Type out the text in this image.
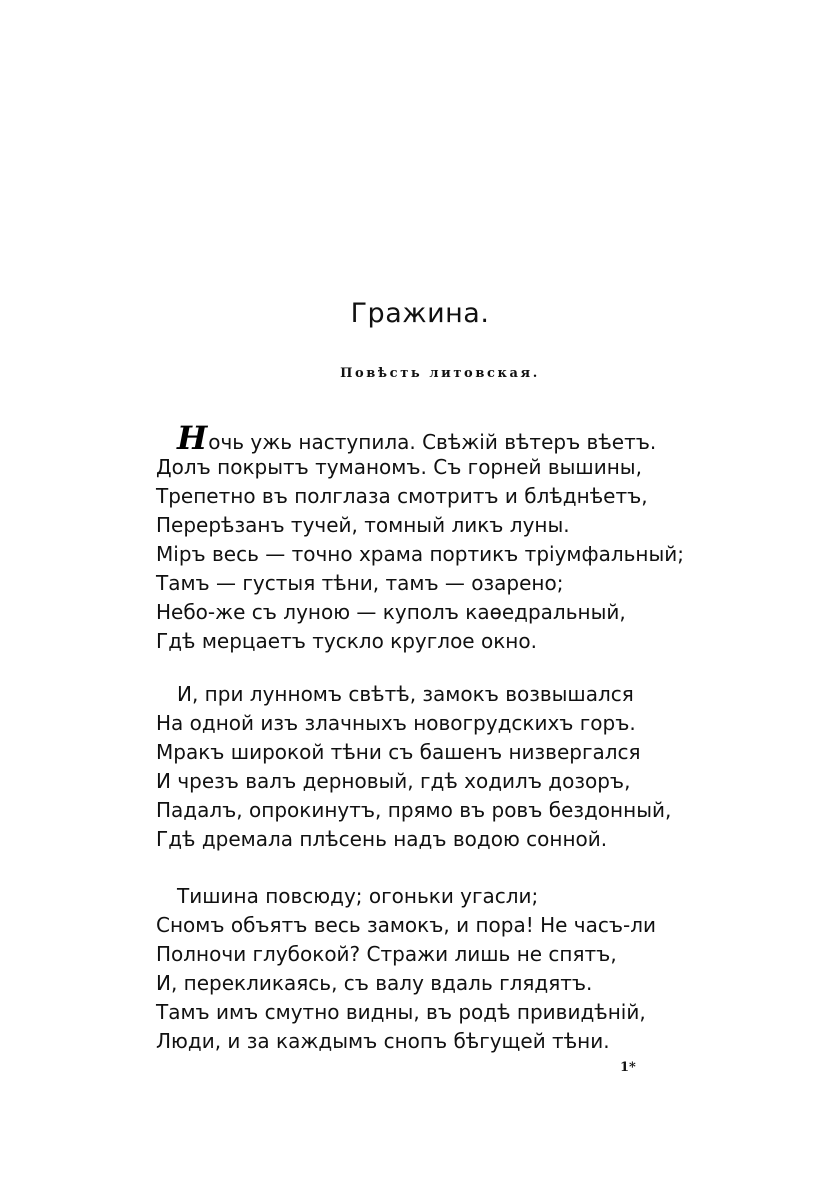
Гражина.
Повѣсть литовская.
Ночь ужь наступила. Свѣжій вѣтеръ вѣетъ.
Долъ покрытъ туманомъ. Съ горней вышины,
Трепетно въ полглаза смотритъ и блѣднѣетъ,
Перерѣзанъ тучей, томный ликъ луны.
Міръ весь — точно храма портикъ тріумфальный;
Тамъ — густыя тѣни, тамъ — озарено;
Небо-же съ луною — куполъ каѳедральный,
Гдѣ мерцаетъ тускло круглое окно.
И, при лунномъ свѣтѣ, замокъ возвышался
На одной изъ злачныхъ новогрудскихъ горъ.
Мракъ широкой тѣни съ башенъ низвергался
И чрезъ валъ дерновый, гдѣ ходилъ дозоръ,
Падалъ, опрокинутъ, прямо въ ровъ бездонный,
Гдѣ дремала плѣсень надъ водою сонной.
Тишина повсюду; огоньки угасли;
Сномъ объятъ весь замокъ, и пора! Не часъ-ли
Полночи глубокой? Стражи лишь не спятъ,
И, перекликаясь, съ валу вдаль глядятъ.
Тамъ имъ смутно видны, въ родѣ привидѣній,
Люди, и за каждымъ снопъ бѣгущей тѣни.
1*
